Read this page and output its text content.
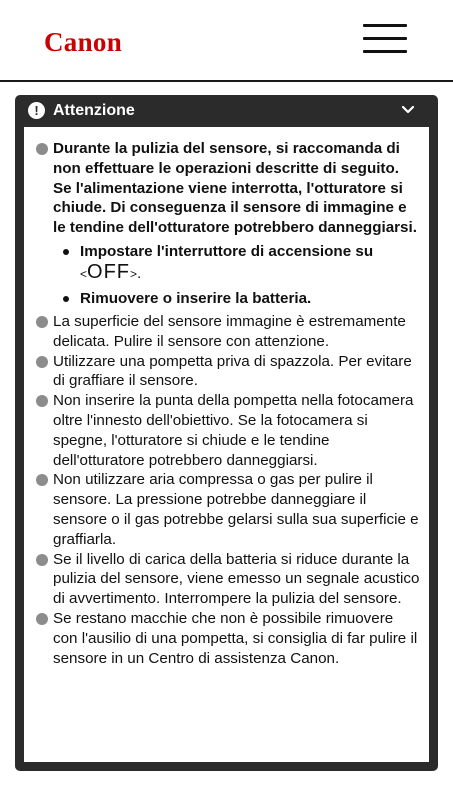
Canon
! Attenzione
Durante la pulizia del sensore, si raccomanda di non effettuare le operazioni descritte di seguito. Se l'alimentazione viene interrotta, l'otturatore si chiude. Di conseguenza il sensore di immagine e le tendine dell'otturatore potrebbero danneggiarsi.
Impostare l'interruttore di accensione su
<OFF>.
Rimuovere o inserire la batteria.
La superficie del sensore immagine è estremamente delicata. Pulire il sensore con attenzione.
Utilizzare una pompetta priva di spazzola. Per evitare di graffiare il sensore.
Non inserire la punta della pompetta nella fotocamera oltre l'innesto dell'obiettivo. Se la fotocamera si spegne, l'otturatore si chiude e le tendine dell'otturatore potrebbero danneggiarsi.
Non utilizzare aria compressa o gas per pulire il sensore. La pressione potrebbe danneggiare il sensore o il gas potrebbe gelarsi sulla sua superficie e graffiarla.
Se il livello di carica della batteria si riduce durante la pulizia del sensore, viene emesso un segnale acustico di avvertimento. Interrompere la pulizia del sensore.
Se restano macchie che non è possibile rimuovere con l'ausilio di una pompetta, si consiglia di far pulire il sensore in un Centro di assistenza Canon.
